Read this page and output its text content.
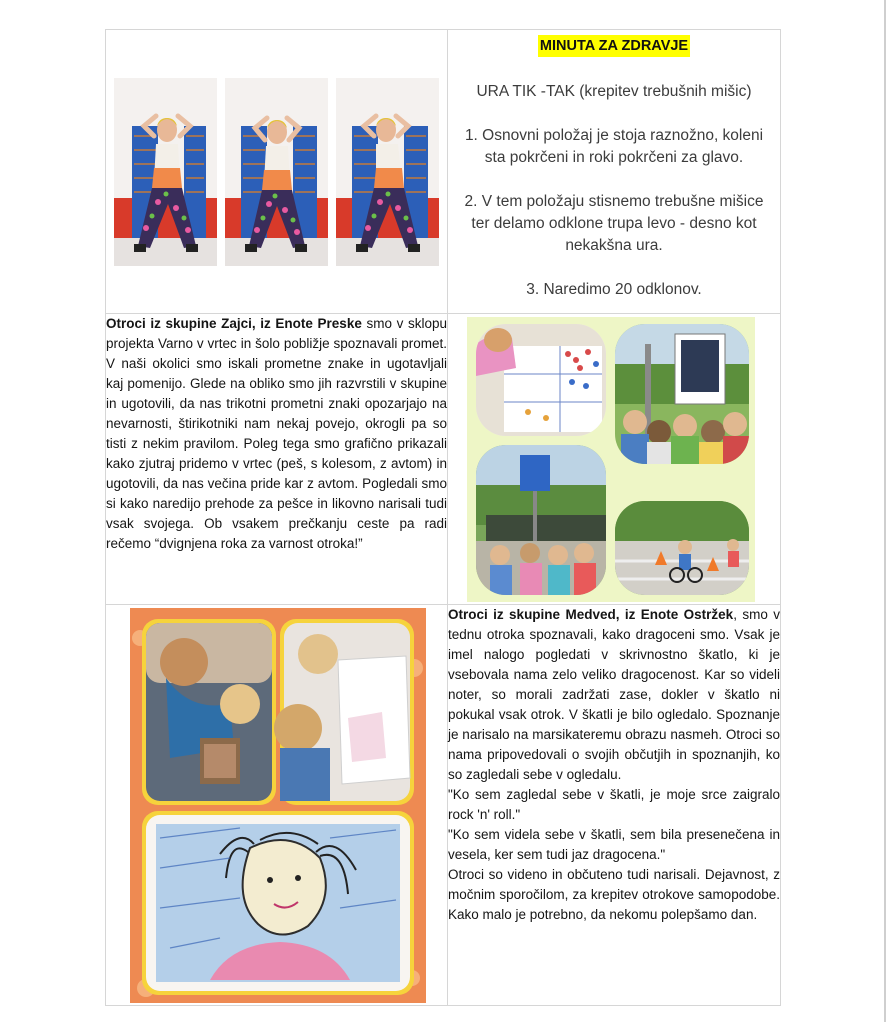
	MINUTA ZA ZDRAVJE
URA TIK -TAK (krepitev trebušnih mišic)
1. Osnovni položaj je stoja raznožno, koleni sta pokrčeni in roki pokrčeni za glavo.
2. V tem položaju stisnemo trebušne mišice ter delamo odklone trupa levo - desno kot nekakšna ura.
3. Naredimo 20 odklonov.

Otroci iz skupine Zajci, iz Enote Preske smo v sklopu projekta Varno v vrtec in šolo pobližje spoznavali promet. V naši okolici smo iskali prometne znake in ugotavljali kaj pomenijo. Glede na obliko smo jih razvrstili v skupine in ugotovili, da nas trikotni prometni znaki opozarjajo na nevarnosti, štirikotniki nam nekaj povejo, okrogli pa so tisti z nekim pravilom. Poleg tega smo grafično prikazali kako zjutraj pridemo v vrtec (peš, s kolesom, z avtom) in ugotovili, da nas večina pride kar z avtom. Pogledali smo si kako naredijo prehode za pešce in likovno narisali tudi vsak svojega. Ob vsakem prečkanju ceste pa radi rečemo “dvignjena roka za varnost otroka!”

Otroci iz skupine Medved, iz Enote Ostržek, smo v tednu otroka spoznavali, kako dragoceni smo. Vsak je imel nalogo pogledati v skrivnostno škatlo, ki je vsebovala nama zelo veliko dragocenost. Kar so videli noter, so morali zadržati zase, dokler v škatlo ni pokukal vsak otrok. V škatli je bilo ogledalo. Spoznanje je narisalo na marsikateremu obrazu nasmeh. Otroci so nama pripovedovali o svojih občutjih in spoznanjih, ko so zagledali sebe v ogledalu.

"Ko sem zagledal sebe v škatli, je moje srce zaigralo rock 'n' roll."

"Ko sem videla sebe v škatli, sem bila presenečena in vesela, ker sem tudi jaz dragocena."

Otroci so videno in občuteno tudi narisali. Dejavnost, z močnim sporočilom, za krepitev otrokove samopodobe. Kako malo je potrebno, da nekomu polepšamo dan.
